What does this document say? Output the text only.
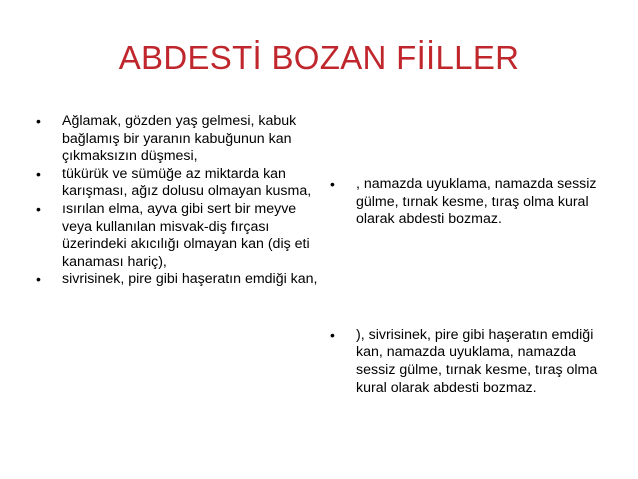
ABDESTİ BOZAN FİİLLER
• Ağlamak, gözden yaş gelmesi, kabuk bağlamış bir yaranın kabuğunun kan çıkmaksızın düşmesi,
• tükürük ve sümüğe az miktarda kan karışması, ağız dolusu olmayan kusma,
• ısırılan elma, ayva gibi sert bir meyve veya kullanılan misvak-diş fırçası üzerindeki akıcılığı olmayan kan (diş eti kanaması hariç),
• sivrisinek, pire gibi haşeratın emdiği kan,
• , namazda uyuklama, namazda sessiz gülme, tırnak kesme, tıraş olma kural olarak abdesti bozmaz.
• ), sivrisinek, pire gibi haşeratın emdiği kan, namazda uyuklama, namazda sessiz gülme, tırnak kesme, tıraş olma kural olarak abdesti bozmaz.
